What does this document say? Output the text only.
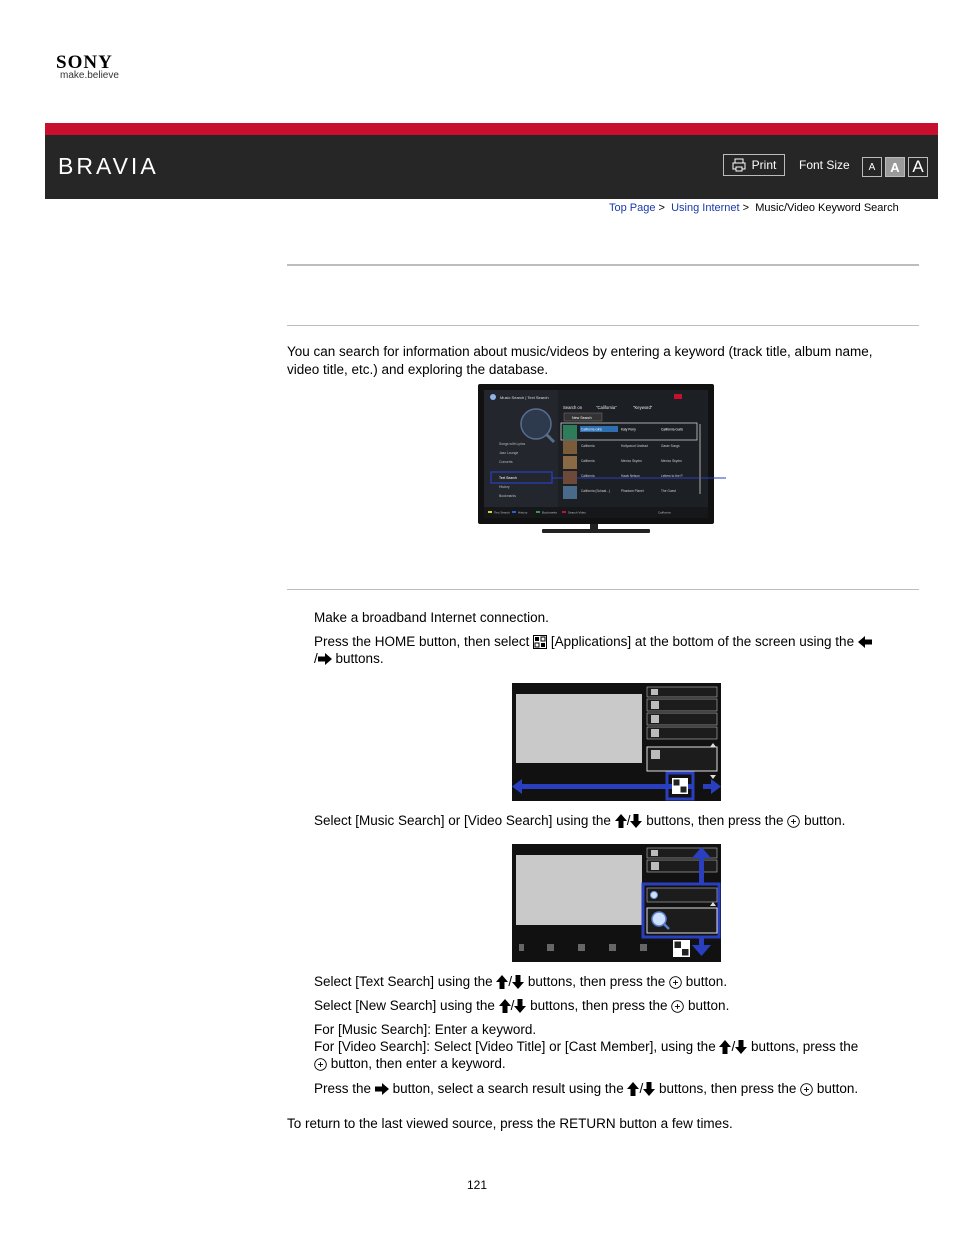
SONY
make.believe
BRAVIA	Print Font Size	A	A A
Top Page > Using Internet > Music/Video Keyword Search
You can search for information about music/videos by entering a keyword (track title, album name, video title, etc.) and exploring the database.
Music Search | Text Search
Songs with Lyrics
Jazz Lounge
Concerts
Text Search
History
Bookmarks
Search on	"California"	"Keyword"
New Search
California Girls	Katy Perry	California Gurls
California	Hollywood Undead	Gaser Songs
California	Mexico Skydro	Mexico Skydro
California	Hawk Nelson	Letters to the P.
California (Schaal...)	Phantom Planet	The Guest
Text Search	History	Bookmarks	Search Video	California
Make a broadband Internet connection.
Press the HOME button, then select [Applications] at the bottom of the screen using the
/ buttons.
Select [Music Search] or [Video Search] using the / buttons, then press the button.
Select [Text Search] using the / buttons, then press the button.
Select [New Search] using the / buttons, then press the button.
For [Music Search]: Enter a keyword.
For [Video Search]: Select [Video Title] or [Cast Member], using the / buttons, press the
button, then enter a keyword.
Press the button, select a search result using the / buttons, then press the button.
To return to the last viewed source, press the RETURN button a few times.
121
